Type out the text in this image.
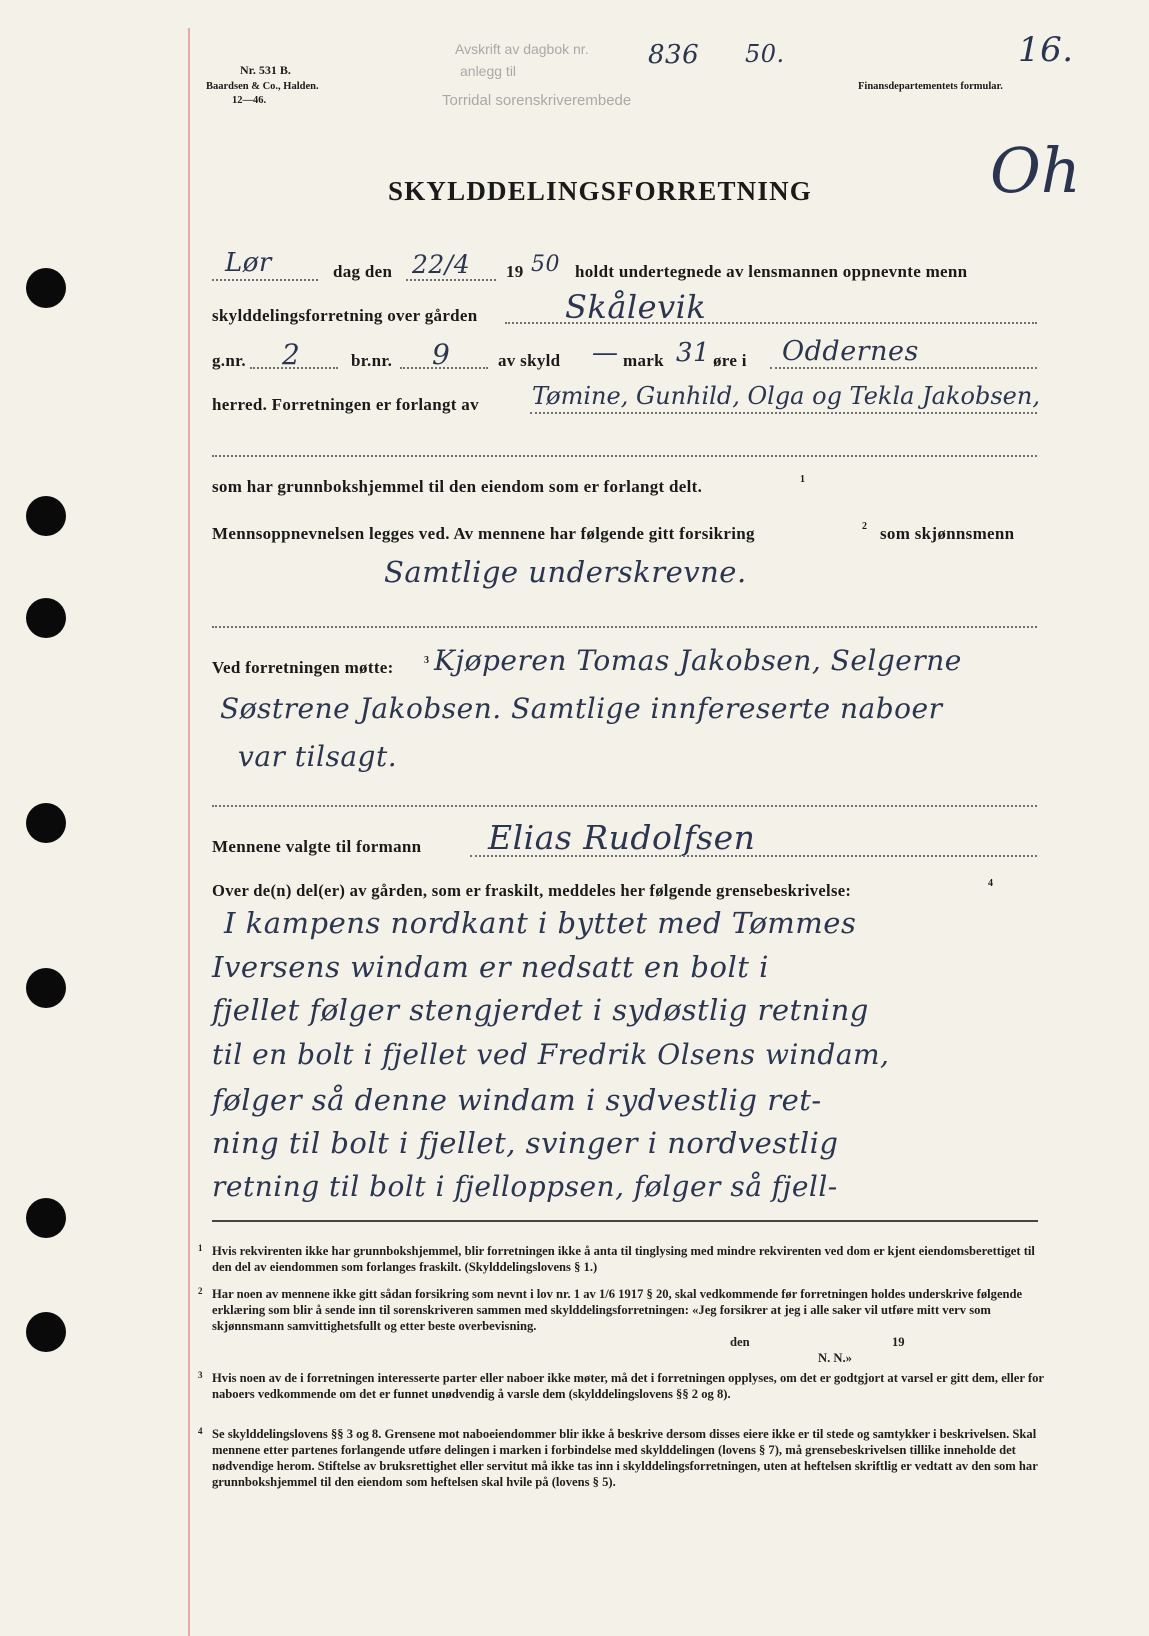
Nr. 531 B.
Baardsen & Co., Halden.
12—46.
Avskrift av dagbok nr.
anlegg til
Torridal sorenskriverembede
836 50.	16.
Finansdepartementets formular.
Oh
SKYLDDELINGSFORRETNING
Lør	dag den 22/4 19 50 holdt undertegnede av lensmannen oppnevnte menn
skylddelingsforretning over gården	Skålevik
g.nr. 2	br.nr. 9	av skyld — mark 31 øre i Oddernes
herred. Forretningen er forlangt av Tømine, Gunhild, Olga og Tekla Jakobsen,
som har grunnbokshjemmel til den eiendom som er forlangt delt.	1
Mennsoppnevnelsen legges ved. Av mennene har følgende gitt forsikring	2 som skjønnsmenn
Samtlige underskrevne.
Ved forretningen møtte:	3 Kjøperen Tomas Jakobsen, Selgerne
Søstrene Jakobsen. Samtlige innfereserte naboer
var tilsagt.
Mennene valgte til formann Elias Rudolfsen
Over de(n) del(er) av gården, som er fraskilt, meddeles her følgende grensebeskrivelse:	4
I kampens nordkant i byttet med Tømmes
Iversens windam er nedsatt en bolt i
fjellet følger stengjerdet i sydøstlig retning
til en bolt i fjellet ved Fredrik Olsens windam,
følger så denne windam i sydvestlig ret-
ning til bolt i fjellet, svinger i nordvestlig
retning til bolt i fjelloppsen, følger så fjell-
1 Hvis rekvirenten ikke har grunnbokshjemmel, blir forretningen ikke å anta til tinglysing med mindre rekvirenten ved dom er kjent eiendomsberettiget til den del av eiendommen som forlanges fraskilt. (Skylddelingslovens § 1.)
2 Har noen av mennene ikke gitt sådan forsikring som nevnt i lov nr. 1 av 1/6 1917 § 20, skal vedkommende før forretningen holdes underskrive følgende erklæring som blir å sende inn til sorenskriveren sammen med skylddelingsforretningen: «Jeg forsikrer at jeg i alle saker vil utføre mitt verv som skjønnsmann samvittighetsfullt og etter beste overbevisning.
den	19
N. N.»
3 Hvis noen av de i forretningen interesserte parter eller naboer ikke møter, må det i forretningen opplyses, om det er godtgjort at varsel er gitt dem, eller for naboers vedkommende om det er funnet unødvendig å varsle dem (skylddelingslovens §§ 2 og 8).
4 Se skylddelingslovens §§ 3 og 8. Grensene mot naboeiendommer blir ikke å beskrive dersom disses eiere ikke er til stede og samtykker i beskrivelsen. Skal mennene etter partenes forlangende utføre delingen i marken i forbindelse med skylddelingen (lovens § 7), må grensebeskrivelsen tillike inneholde det nødvendige herom. Stiftelse av bruksrettighet eller servitut må ikke tas inn i skylddelingsforretningen, uten at heftelsen skriftlig er vedtatt av den som har grunnbokshjemmel til den eiendom som heftelsen skal hvile på (lovens § 5).
